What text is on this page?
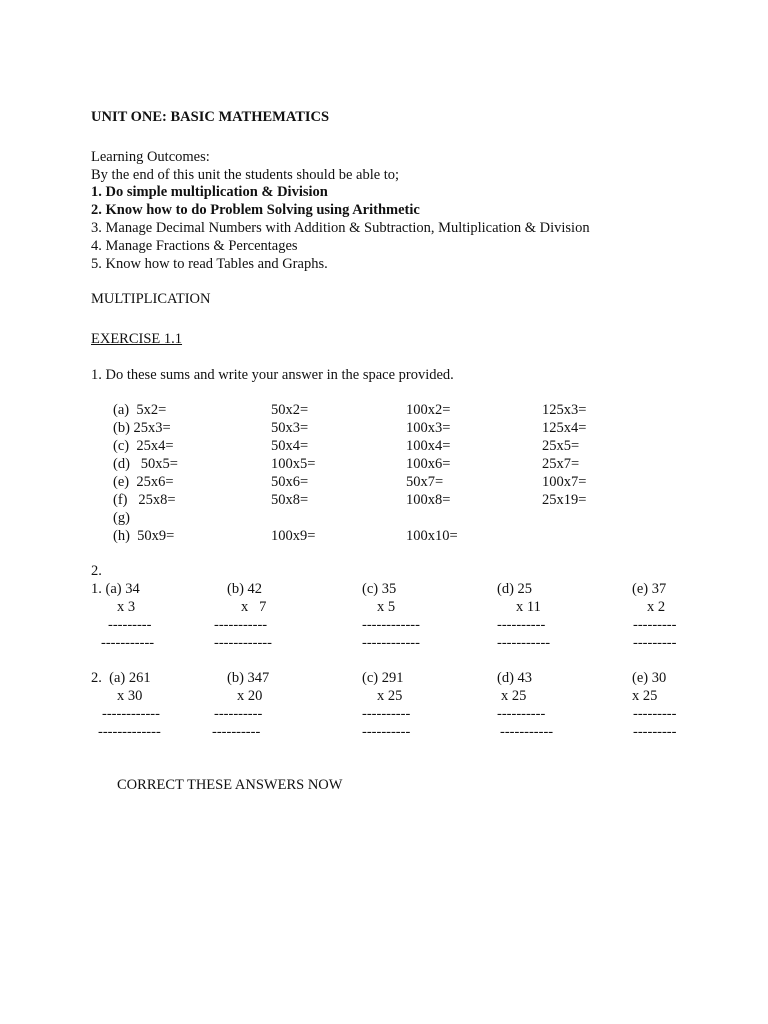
UNIT ONE: BASIC MATHEMATICS
Learning Outcomes:
By the end of this unit the students should be able to;
1. Do simple multiplication & Division
2. Know how to do Problem Solving using Arithmetic
3. Manage Decimal Numbers with Addition & Subtraction, Multiplication & Division
4. Manage Fractions & Percentages
5. Know how to read Tables and Graphs.
MULTIPLICATION
EXERCISE 1.1
1. Do these sums and write your answer in the space provided.
(a)  5x2=	50x2=	100x2=	125x3=
(b) 25x3=	50x3=	100x3=	125x4=
(c)  25x4=	50x4=	100x4=	25x5=
(d)   50x5=	100x5=	100x6=	25x7=
(e)  25x6=	50x6=	50x7=	100x7=
(f)   25x8=	50x8=	100x8=	25x19=
(g)
(h)  50x9=	100x9=	100x10=
2.
1. (a) 34
x 3
---------
-----------
(b) 42
x   7
-----------
------------
(c) 35
x 5
------------
------------
(d) 25
x 11
----------
-----------
(e) 37
x 2
---------
---------
2.  (a) 261
x 30
------------
-------------
(b) 347
x 20
----------
----------
(c) 291
x 25
----------
----------
(d) 43
x 25
----------
-----------
(e) 30
x 25
---------
---------
CORRECT THESE ANSWERS NOW
